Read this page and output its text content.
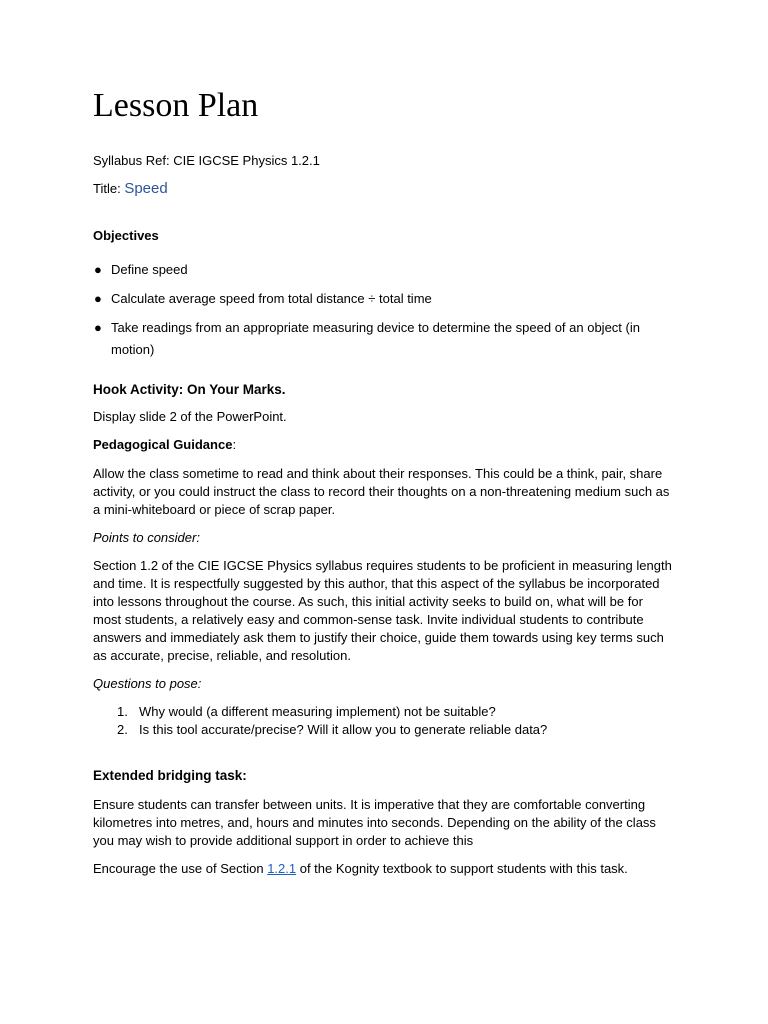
Lesson Plan

Syllabus Ref: CIE IGCSE Physics 1.2.1

Title: Speed

Objectives

● Define speed
● Calculate average speed from total distance ÷ total time
● Take readings from an appropriate measuring device to determine the speed of an object (in motion)

Hook Activity: On Your Marks.

Display slide 2 of the PowerPoint.

Pedagogical Guidance:

Allow the class sometime to read and think about their responses. This could be a think, pair, share activity, or you could instruct the class to record their thoughts on a non-threatening medium such as a mini-whiteboard or piece of scrap paper.

Points to consider:

Section 1.2 of the CIE IGCSE Physics syllabus requires students to be proficient in measuring length and time. It is respectfully suggested by this author, that this aspect of the syllabus be incorporated into lessons throughout the course. As such, this initial activity seeks to build on, what will be for most students, a relatively easy and common-sense task. Invite individual students to contribute answers and immediately ask them to justify their choice, guide them towards using key terms such as accurate, precise, reliable, and resolution.

Questions to pose:

1. Why would (a different measuring implement) not be suitable?
2. Is this tool accurate/precise? Will it allow you to generate reliable data?

Extended bridging task:

Ensure students can transfer between units. It is imperative that they are comfortable converting kilometres into metres, and, hours and minutes into seconds. Depending on the ability of the class you may wish to provide additional support in order to achieve this

Encourage the use of Section 1.2.1 of the Kognity textbook to support students with this task.
